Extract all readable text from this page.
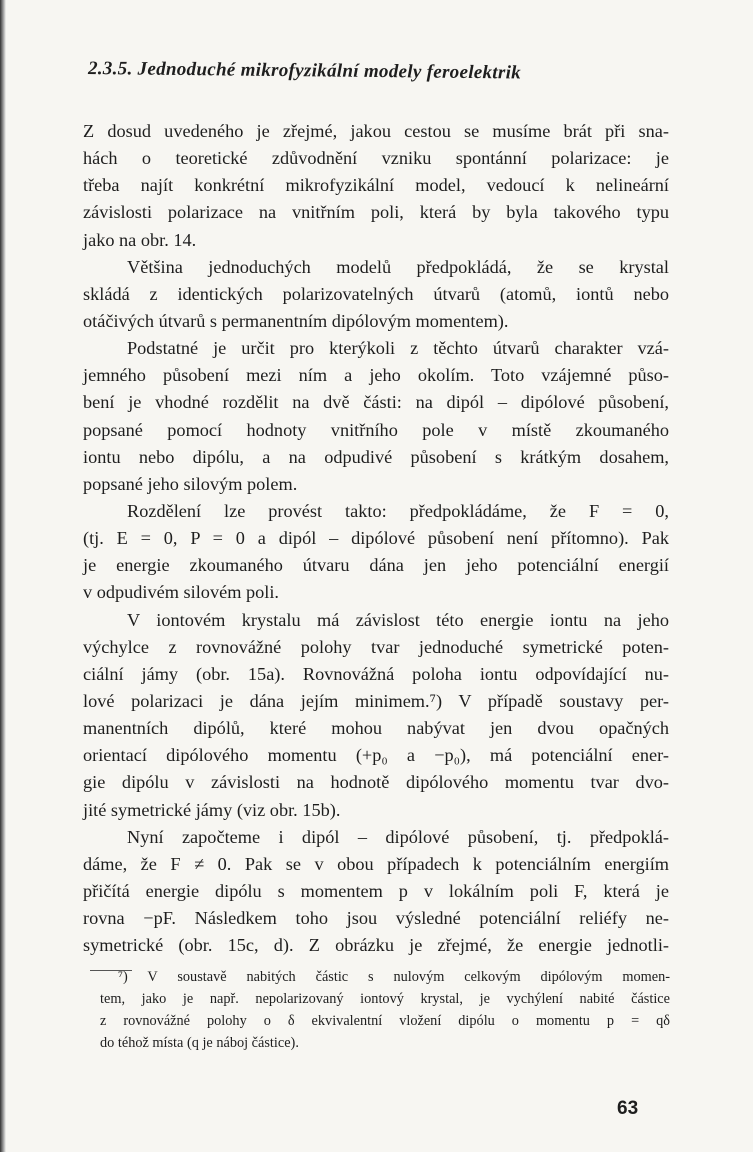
2.3.5. Jednoduché mikrofyzikální modely feroelektrik
Z dosud uvedeného je zřejmé, jakou cestou se musíme brát při sna-
hách o teoretické zdůvodnění vzniku spontánní polarizace: je
třeba najít konkrétní mikrofyzikální model, vedoucí k nelineární
závislosti polarizace na vnitřním poli, která by byla takového typu
jako na obr. 14.
Většina jednoduchých modelů předpokládá, že se krystal
skládá z identických polarizovatelných útvarů (atomů, iontů nebo
otáčivých útvarů s permanentním dipólovým momentem).
Podstatné je určit pro kterýkoli z těchto útvarů charakter vzá-
jemného působení mezi ním a jeho okolím. Toto vzájemné půso-
bení je vhodné rozdělit na dvě části: na dipól – dipólové působení,
popsané pomocí hodnoty vnitřního pole v místě zkoumaného
iontu nebo dipólu, a na odpudivé působení s krátkým dosahem,
popsané jeho silovým polem.
Rozdělení lze provést takto: předpokládáme, že F = 0,
(tj. E = 0, P = 0 a dipól – dipólové působení není přítomno). Pak
je energie zkoumaného útvaru dána jen jeho potenciální energií
v odpudivém silovém poli.
V iontovém krystalu má závislost této energie iontu na jeho
výchylce z rovnovážné polohy tvar jednoduché symetrické poten-
ciální jámy (obr. 15a). Rovnovážná poloha iontu odpovídající nu-
lové polarizaci je dána jejím minimem.⁷) V případě soustavy per-
manentních dipólů, které mohou nabývat jen dvou opačných
orientací dipólového momentu (+p₀ a −p₀), má potenciální ener-
gie dipólu v závislosti na hodnotě dipólového momentu tvar dvo-
jité symetrické jámy (viz obr. 15b).
Nyní započteme i dipól – dipólové působení, tj. předpoklá-
dáme, že F ≠ 0. Pak se v obou případech k potenciálním energiím
přičítá energie dipólu s momentem p v lokálním poli F, která je
rovna −pF. Následkem toho jsou výsledné potenciální reliéfy ne-
symetrické (obr. 15c, d). Z obrázku je zřejmé, že energie jednotli-
⁷) V soustavě nabitých částic s nulovým celkovým dipólovým momen-
tem, jako je např. nepolarizovaný iontový krystal, je vychýlení nabité částice
z rovnovážné polohy o δ ekvivalentní vložení dipólu o momentu p = qδ
do téhož místa (q je náboj částice).
63
